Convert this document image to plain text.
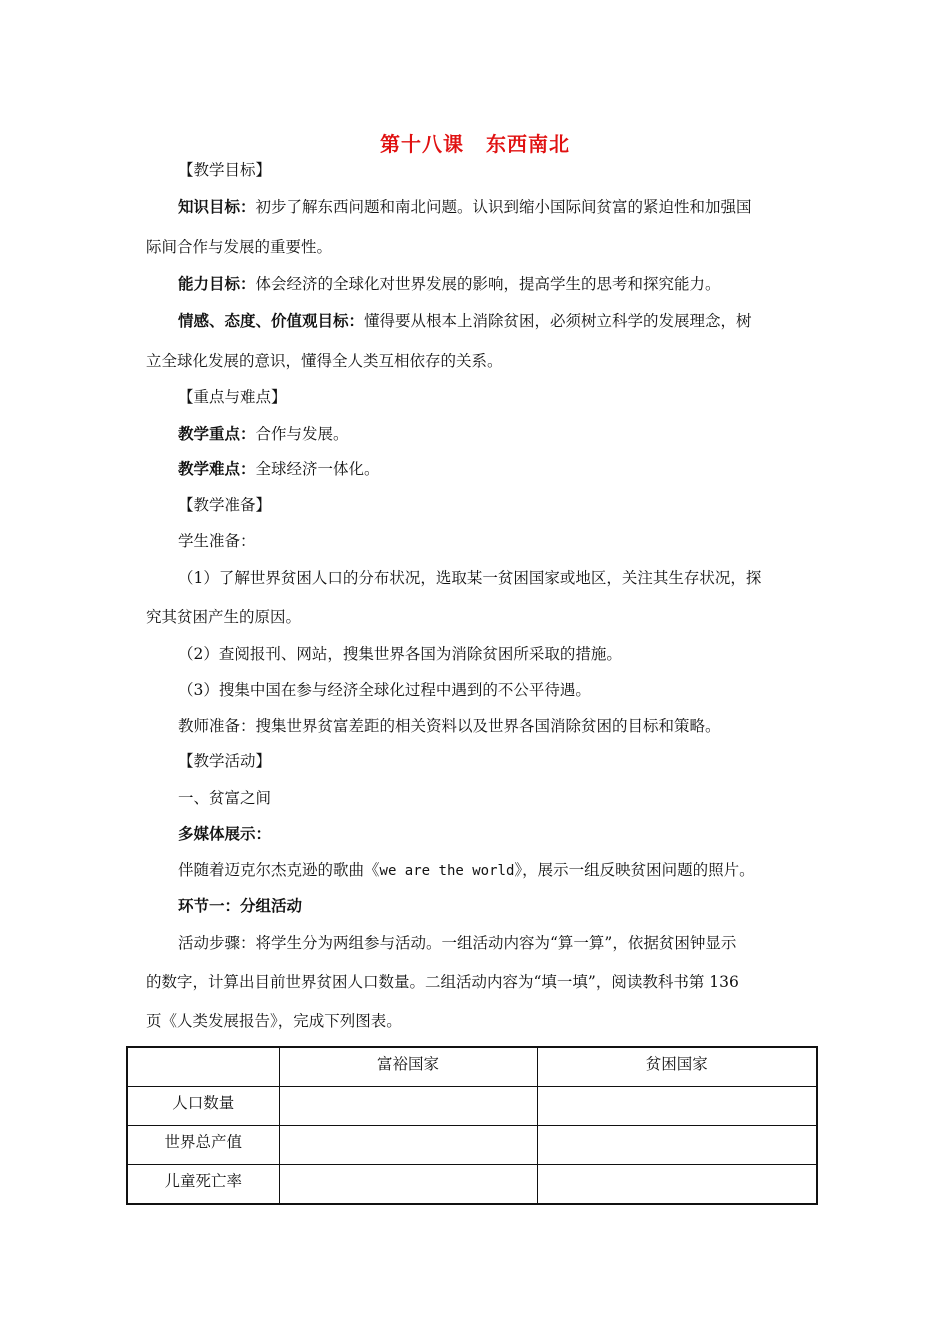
第十八课 东西南北
【教学目标】
知识目标：初步了解东西问题和南北问题。认识到缩小国际间贫富的紧迫性和加强国
际间合作与发展的重要性。
能力目标：体会经济的全球化对世界发展的影响，提高学生的思考和探究能力。
情感、态度、价值观目标：懂得要从根本上消除贫困，必须树立科学的发展理念，树
立全球化发展的意识，懂得全人类互相依存的关系。
【重点与难点】
教学重点：合作与发展。
教学难点：全球经济一体化。
【教学准备】
学生准备：
（1）了解世界贫困人口的分布状况，选取某一贫困国家或地区，关注其生存状况，探
究其贫困产生的原因。
（2）查阅报刊、网站，搜集世界各国为消除贫困所采取的措施。
（3）搜集中国在参与经济全球化过程中遇到的不公平待遇。
教师准备：搜集世界贫富差距的相关资料以及世界各国消除贫困的目标和策略。
【教学活动】
一、贫富之间
多媒体展示：
伴随着迈克尔杰克逊的歌曲《we are the world》，展示一组反映贫困问题的照片。
环节一：分组活动
活动步骤：将学生分为两组参与活动。一组活动内容为“算一算”，依据贫困钟显示
的数字，计算出目前世界贫困人口数量。二组活动内容为“填一填”，阅读教科书第 136
页《人类发展报告》，完成下列图表。
	富裕国家	贫困国家
人口数量		
世界总产值		
儿童死亡率		
